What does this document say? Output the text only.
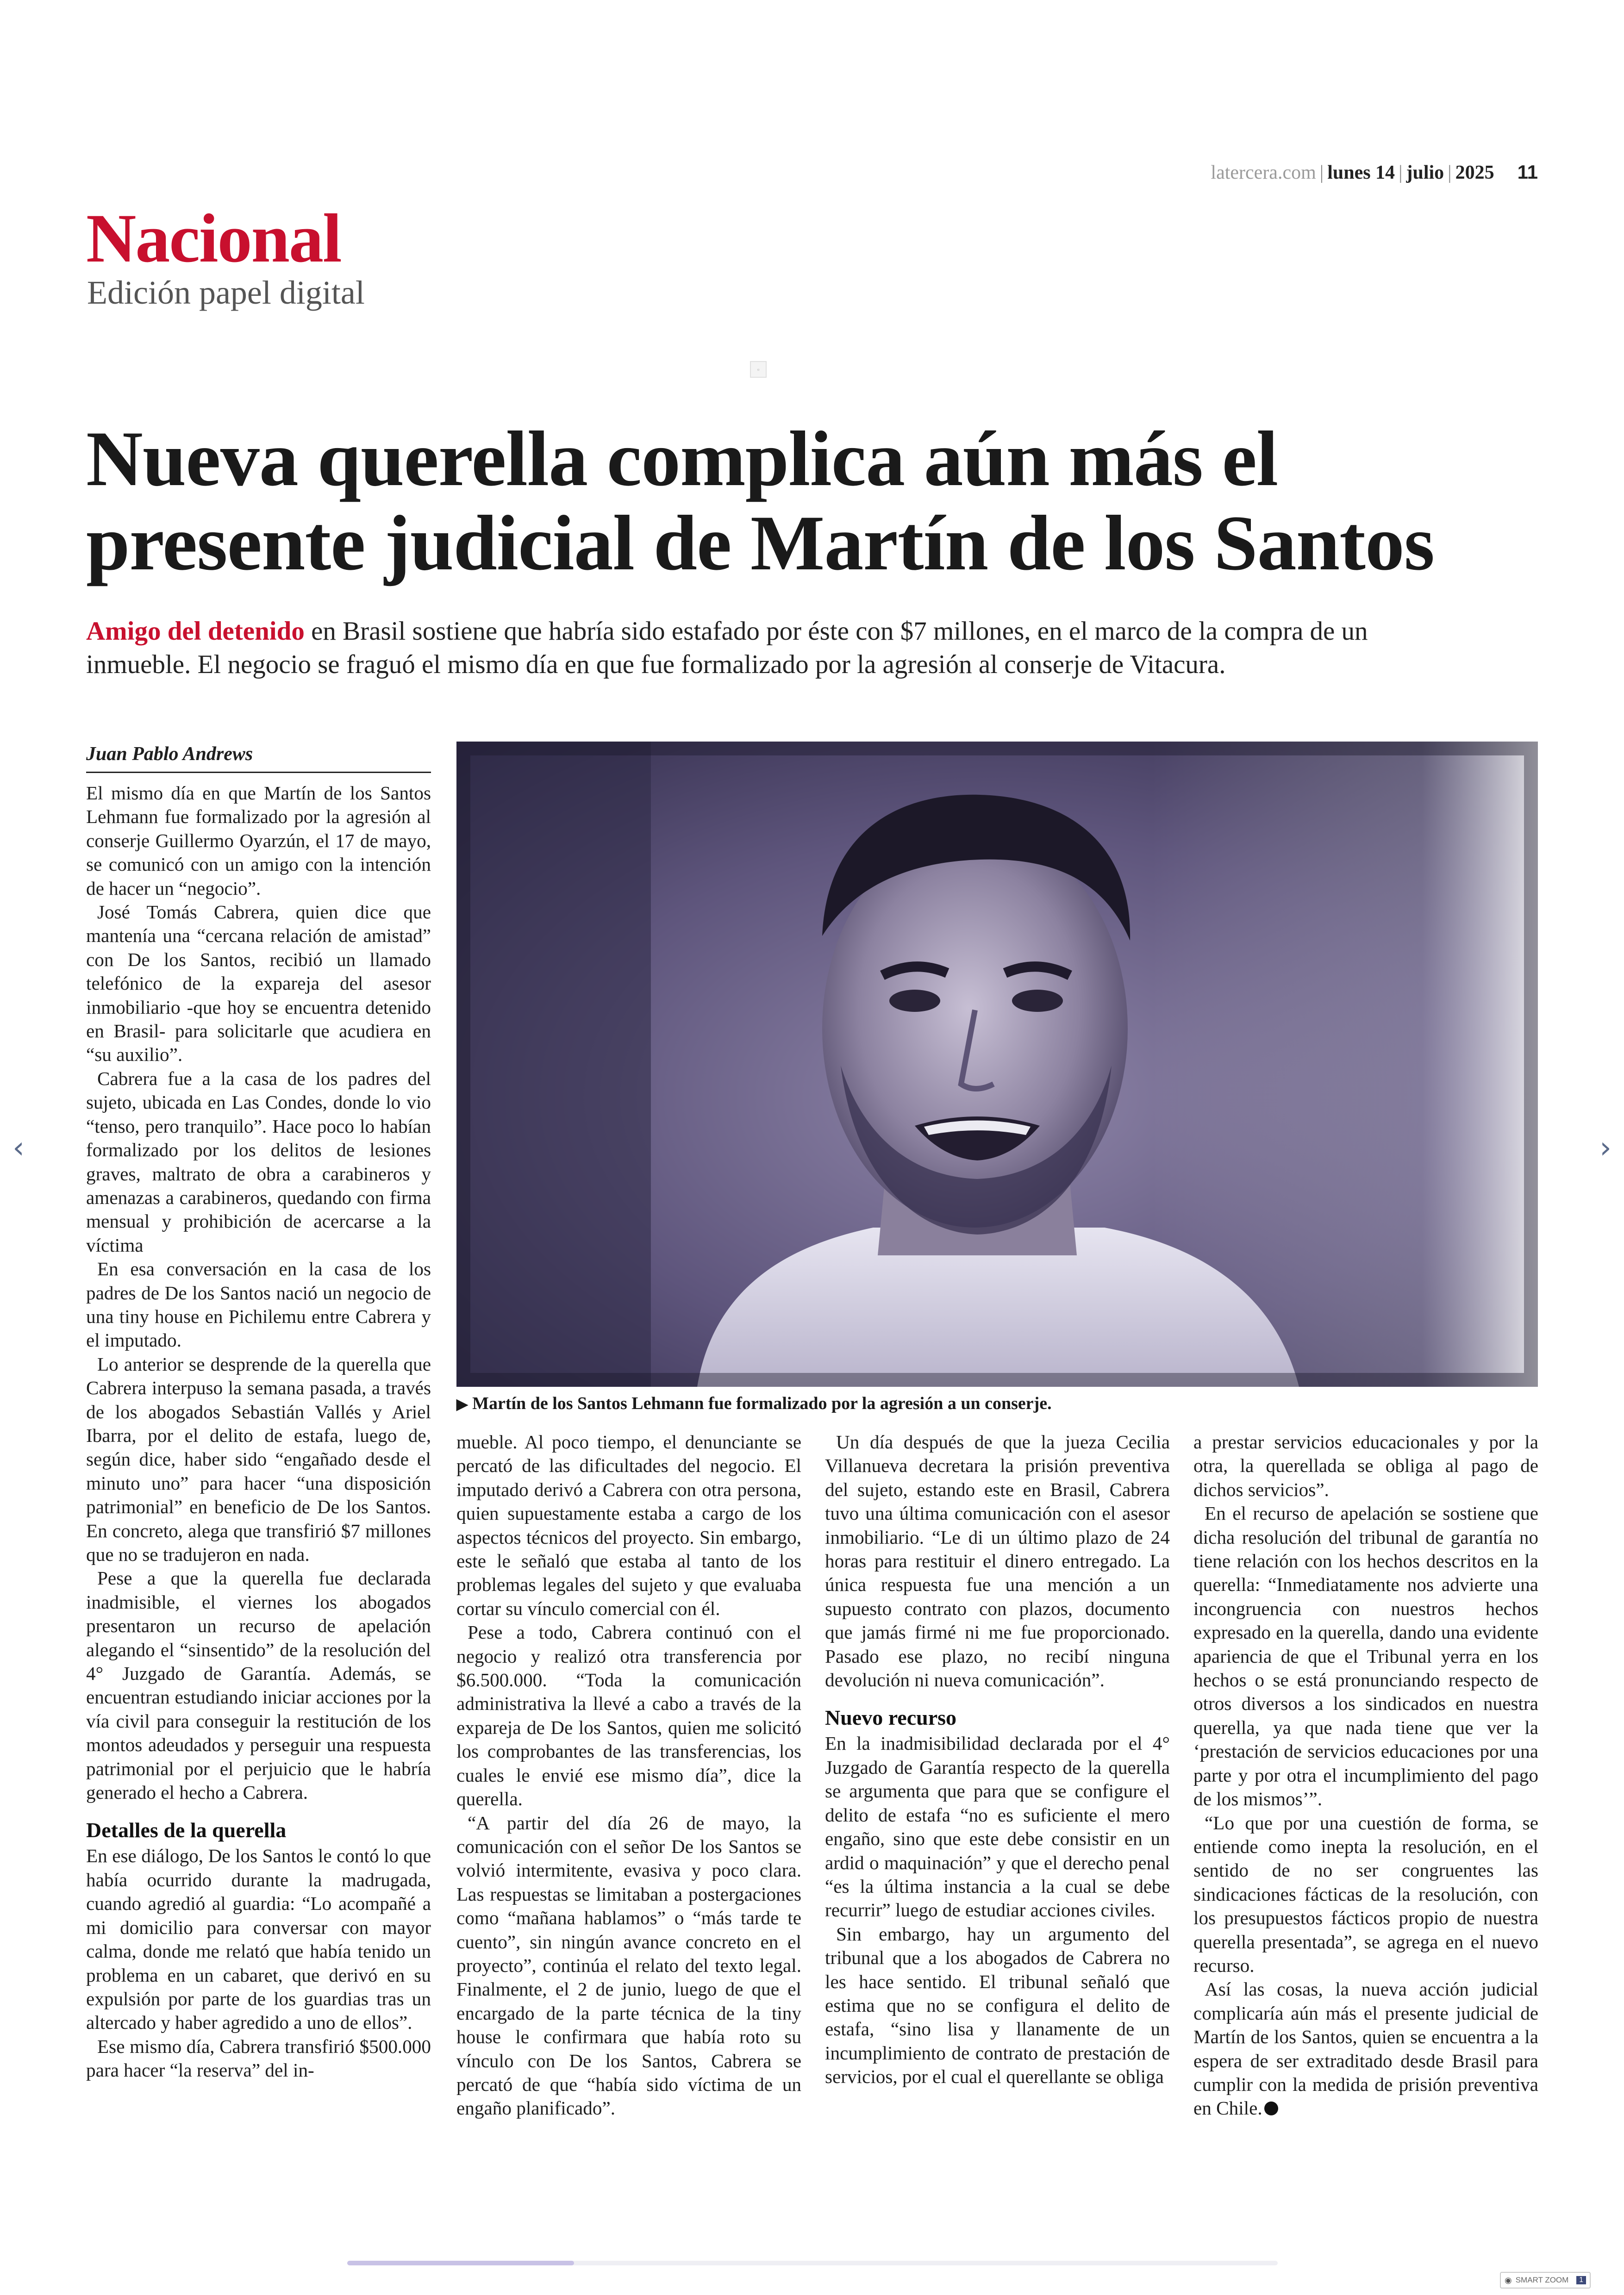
latercera.com | lunes 14 | julio | 2025 11
Nacional
Edición papel digital
▫
Nueva querella complica aún más el presente judicial de Martín de los Santos
Amigo del detenido en Brasil sostiene que habría sido estafado por éste con $7 millones, en el marco de la compra de un inmueble. El negocio se fraguó el mismo día en que fue formalizado por la agresión al conserje de Vitacura.
Juan Pablo Andrews
▶ Martín de los Santos Lehmann fue formalizado por la agresión a un conserje.

El mismo día en que Martín de los Santos Lehmann fue formalizado por la agresión al conserje Guillermo Oyarzún, el 17 de mayo, se comunicó con un amigo con la intención de hacer un “negocio”.

José Tomás Cabrera, quien dice que mantenía una “cercana relación de amistad” con De los Santos, recibió un llamado telefónico de la expareja del asesor inmobiliario -que hoy se encuentra detenido en Brasil- para solicitarle que acudiera en “su auxilio”.

Cabrera fue a la casa de los padres del sujeto, ubicada en Las Condes, donde lo vio “tenso, pero tranquilo”. Hace poco lo habían formalizado por los delitos de lesiones graves, maltrato de obra a carabineros y amenazas a carabineros, quedando con firma mensual y prohibición de acercarse a la víctima

En esa conversación en la casa de los padres de De los Santos nació un negocio de una tiny house en Pichilemu entre Cabrera y el imputado.

Lo anterior se desprende de la querella que Cabrera interpuso la semana pasada, a través de los abogados Sebastián Vallés y Ariel Ibarra, por el delito de estafa, luego de, según dice, haber sido “engañado desde el minuto uno” para hacer “una disposición patrimonial” en beneficio de De los Santos. En concreto, alega que transfirió $7 millones que no se tradujeron en nada.

Pese a que la querella fue declarada inadmisible, el viernes los abogados presentaron un recurso de apelación alegando el “sinsentido” de la resolución del 4° Juzgado de Garantía. Además, se encuentran estudiando iniciar acciones por la vía civil para conseguir la restitución de los montos adeudados y perseguir una respuesta patrimonial por el perjuicio que le habría generado el hecho a Cabrera.

Detalles de la querella

En ese diálogo, De los Santos le contó lo que había ocurrido durante la madrugada, cuando agredió al guardia: “Lo acompañé a mi domicilio para conversar con mayor calma, donde me relató que había tenido un problema en un cabaret, que derivó en su expulsión por parte de los guardias tras un altercado y haber agredido a uno de ellos”.

Ese mismo día, Cabrera transfirió $500.000 para hacer “la reserva” del in-

mueble. Al poco tiempo, el denunciante se percató de las dificultades del negocio. El imputado derivó a Cabrera con otra persona, quien supuestamente estaba a cargo de los aspectos técnicos del proyecto. Sin embargo, este le señaló que estaba al tanto de los problemas legales del sujeto y que evaluaba cortar su vínculo comercial con él.

Pese a todo, Cabrera continuó con el negocio y realizó otra transferencia por $6.500.000. “Toda la comunicación administrativa la llevé a cabo a través de la expareja de De los Santos, quien me solicitó los comprobantes de las transferencias, los cuales le envié ese mismo día”, dice la querella.

“A partir del día 26 de mayo, la comunicación con el señor De los Santos se volvió intermitente, evasiva y poco clara. Las respuestas se limitaban a postergaciones como “mañana hablamos” o “más tarde te cuento”, sin ningún avance concreto en el proyecto”, continúa el relato del texto legal. Finalmente, el 2 de junio, luego de que el encargado de la parte técnica de la tiny house le confirmara que había roto su vínculo con De los Santos, Cabrera se percató de que “había sido víctima de un engaño planificado”.

Un día después de que la jueza Cecilia Villanueva decretara la prisión preventiva del sujeto, estando este en Brasil, Cabrera tuvo una última comunicación con el asesor inmobiliario. “Le di un último plazo de 24 horas para restituir el dinero entregado. La única respuesta fue una mención a un supuesto contrato con plazos, documento que jamás firmé ni me fue proporcionado. Pasado ese plazo, no recibí ninguna devolución ni nueva comunicación”.

Nuevo recurso

En la inadmisibilidad declarada por el 4° Juzgado de Garantía respecto de la querella se argumenta que para que se configure el delito de estafa “no es suficiente el mero engaño, sino que este debe consistir en un ardid o maquinación” y que el derecho penal “es la última instancia a la cual se debe recurrir” luego de estudiar acciones civiles.

Sin embargo, hay un argumento del tribunal que a los abogados de Cabrera no les hace sentido. El tribunal señaló que estima que no se configura el delito de estafa, “sino lisa y llanamente de un incumplimiento de contrato de prestación de servicios, por el cual el querellante se obliga

a prestar servicios educacionales y por la otra, la querellada se obliga al pago de dichos servicios”.

En el recurso de apelación se sostiene que dicha resolución del tribunal de garantía no tiene relación con los hechos descritos en la querella: “Inmediatamente nos advierte una incongruencia con nuestros hechos expresado en la querella, dando una evidente apariencia de que el Tribunal yerra en los hechos o se está pronunciando respecto de otros diversos a los sindicados en nuestra querella, ya que nada tiene que ver la ‘prestación de servicios educaciones por una parte y por otra el incumplimiento del pago de los mismos’”.

“Lo que por una cuestión de forma, se entiende como inepta la resolución, en el sentido de no ser congruentes las sindicaciones fácticas de la resolución, con los presupuestos fácticos propio de nuestra querella presentada”, se agrega en el nuevo recurso.

Así las cosas, la nueva acción judicial complicaría aún más el presente judicial de Martín de los Santos, quien se encuentra a la espera de ser extraditado desde Brasil para cumplir con la medida de prisión preventiva en Chile.

‹	›
◉ SMART ZOOM	1
